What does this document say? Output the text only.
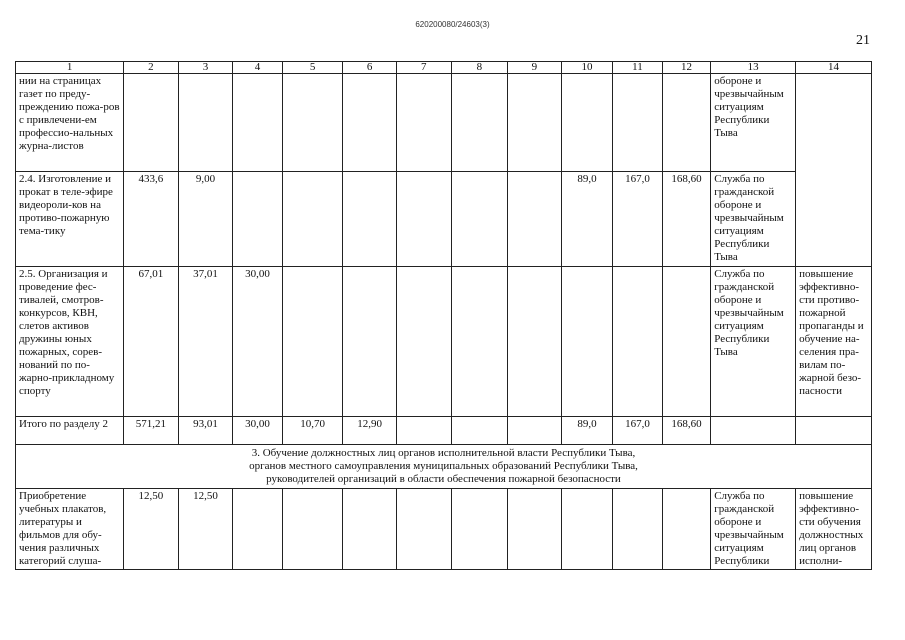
620200080/24603(3)
21
1	2	3	4	5	6	7	8	9	10	11	12	13	14
нии на страницах газет по преду-преждению пожа-ров с привлечени-ем профессио-нальных журна-листов												обороне и чрезвычайным ситуациям Республики Тыва	
2.4. Изготовление и прокат в теле-эфире видеороли-ков на противо-пожарную тема-тику	433,6	9,00							89,0	167,0	168,60	Служба по гражданской обороне и чрезвычайным ситуациям Республики Тыва	
2.5. Организация и проведение фес-тивалей, смотров-конкурсов, КВН, слетов активов дружины юных пожарных, сорев-нований по по-жарно-прикладному спорту	67,01	37,01	30,00									Служба по гражданской обороне и чрезвычайным ситуациям Республики Тыва	повышение эффективно-сти противо-пожарной пропаганды и обучение на-селения пра-вилам по-жарной безо-пасности
Итого по разделу 2	571,21	93,01	30,00	10,70	12,90				89,0	167,0	168,60		

3. Обучение должностных лиц органов исполнительной власти Республики Тыва,
органов местного самоуправления муниципальных образований Республики Тыва,
руководителей организаций в области обеспечения пожарной безопасности													

Приобретение учебных плакатов, литературы и фильмов для обу-чения различных категорий слуша-	12,50	12,50										Служба по гражданской обороне и чрезвычайным ситуациям Республики	повышение эффективно-сти обучения должностных лиц органов исполни-
